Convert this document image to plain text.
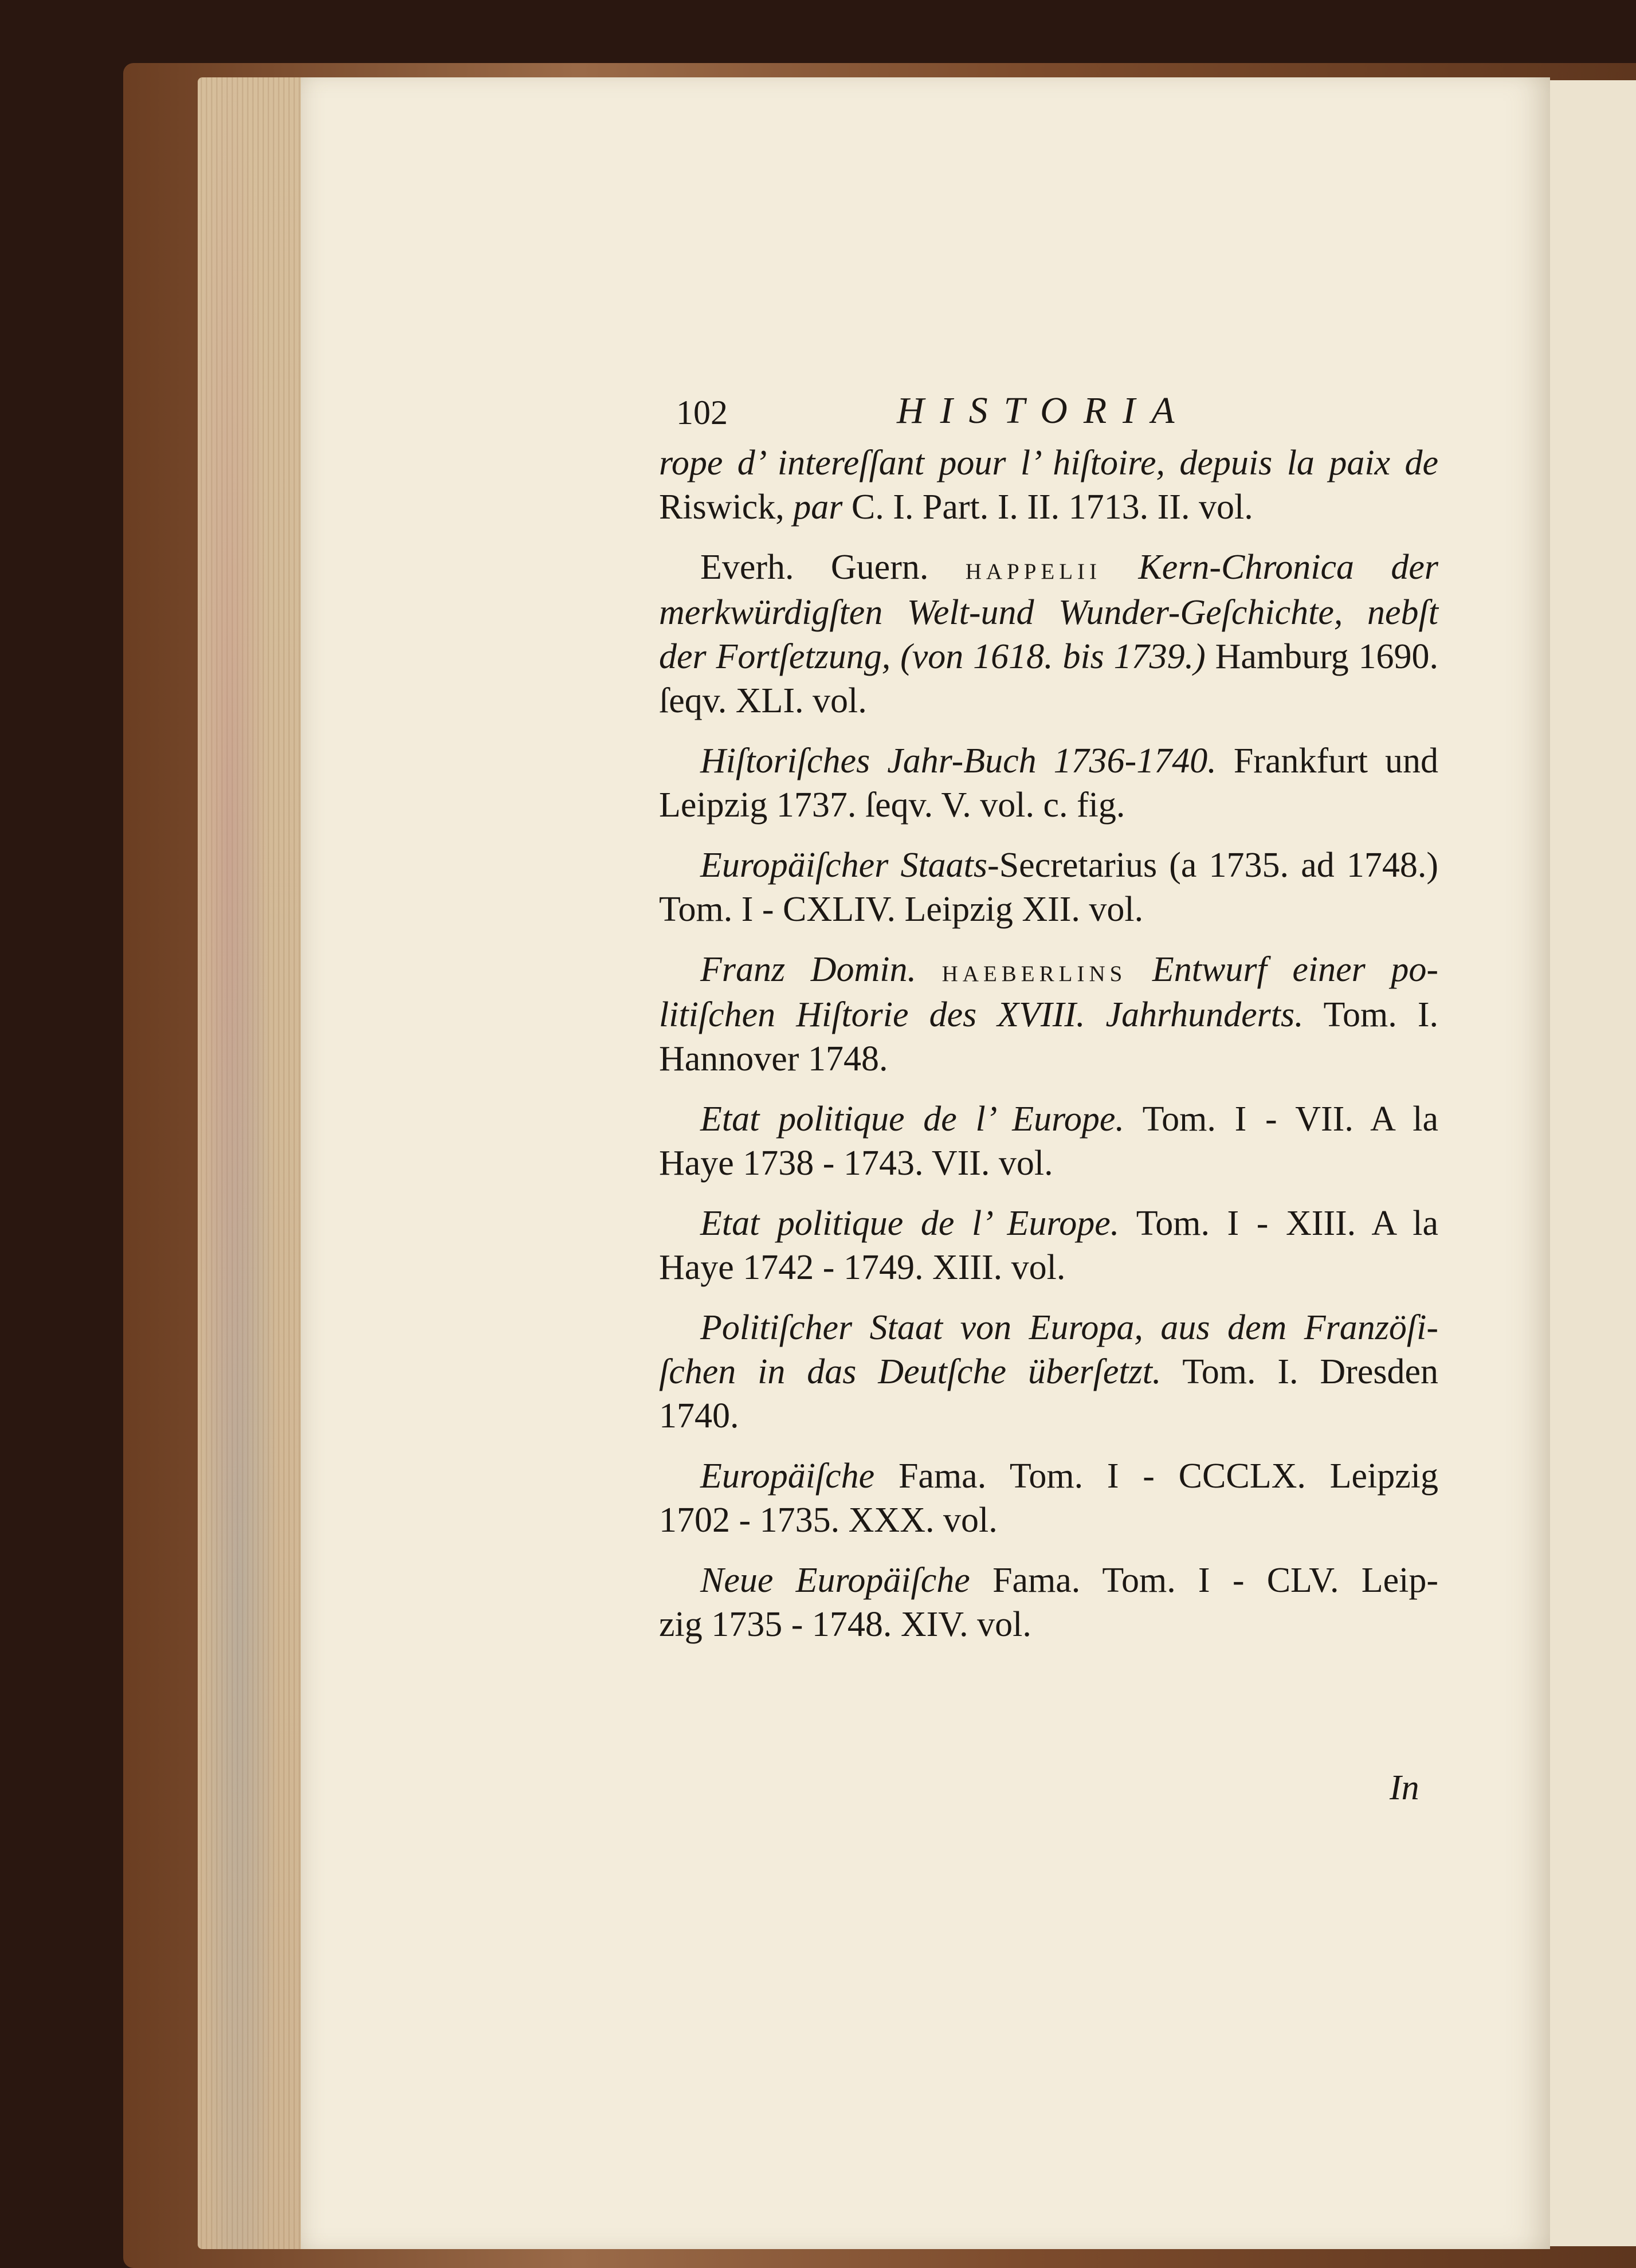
102	HISTORIA
rope d’ intereſſant pour l’ hiſtoire, depuis la paix de
Riswick, par C. I. Part. I. II. 1713. II. vol.
Everh. Guern. happelii Kern-Chronica der
merkwürdigſten Welt-und Wunder-Geſchichte, nebſt
der Fortſetzung, (von 1618. bis 1739.) Hamburg 1690.
ſeqv. XLI. vol.
Hiſtoriſches Jahr-Buch 1736-1740. Frankfurt und
Leipzig 1737. ſeqv. V. vol. c. fig.
Europäiſcher Staats-Secretarius (a 1735. ad 1748.)
Tom. I - CXLIV. Leipzig XII. vol.
Franz Domin. haeberlins Entwurf einer po-
litiſchen Hiſtorie des XVIII. Jahrhunderts. Tom. I.
Hannover 1748.
Etat politique de l’ Europe. Tom. I - VII. A la
Haye 1738 - 1743. VII. vol.
Etat politique de l’ Europe. Tom. I - XIII. A la
Haye 1742 - 1749. XIII. vol.
Politiſcher Staat von Europa, aus dem Franzöſi-
ſchen in das Deutſche überſetzt. Tom. I. Dresden
1740.
Europäiſche Fama. Tom. I - CCCLX. Leipzig
1702 - 1735. XXX. vol.
Neue Europäiſche Fama. Tom. I - CLV. Leip-
zig 1735 - 1748. XIV. vol.
In
